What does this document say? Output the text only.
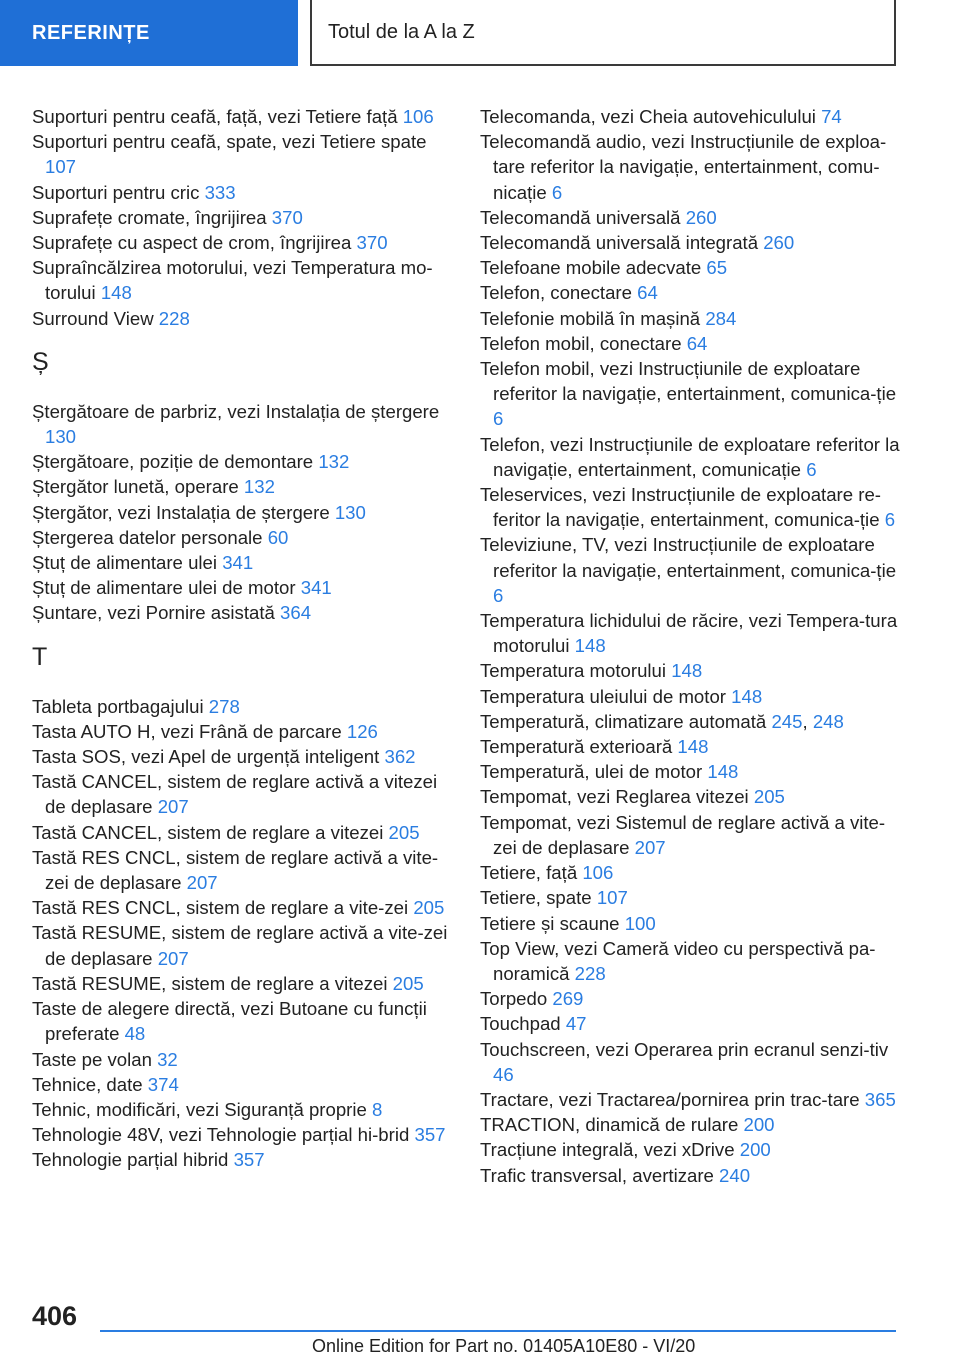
REFERINȚE	Totul de la A la Z
Suporturi pentru ceafă, față, vezi Tetiere față 106
Suporturi pentru ceafă, spate, vezi Tetiere spate 107
Suporturi pentru cric 333
Suprafețe cromate, îngrijirea 370
Suprafețe cu aspect de crom, îngrijirea 370
Supraîncălzirea motorului, vezi Temperatura mo‐torului 148
Surround View 228
Ș
Ștergătoare de parbriz, vezi Instalația de ștergere 130
Ștergătoare, poziție de demontare 132
Ștergător lunetă, operare 132
Ștergător, vezi Instalația de ștergere 130
Ștergerea datelor personale 60
Ștuț de alimentare ulei 341
Ștuț de alimentare ulei de motor 341
Șuntare, vezi Pornire asistată 364
T
Tableta portbagajului 278
Tasta AUTO H, vezi Frână de parcare 126
Tasta SOS, vezi Apel de urgență inteligent 362
Tastă CANCEL, sistem de reglare activă a vitezei de deplasare 207
Tastă CANCEL, sistem de reglare a vitezei 205
Tastă RES CNCL, sistem de reglare activă a vite‐zei de deplasare 207
Tastă RES CNCL, sistem de reglare a vite‐zei 205
Tastă RESUME, sistem de reglare activă a vite‐zei de deplasare 207
Tastă RESUME, sistem de reglare a vitezei 205
Taste de alegere directă, vezi Butoane cu funcții preferate 48
Taste pe volan 32
Tehnice, date 374
Tehnic, modificări, vezi Siguranță proprie 8
Tehnologie 48V, vezi Tehnologie parțial hi‐brid 357
Tehnologie parțial hibrid 357
Telecomanda, vezi Cheia autovehiculului 74
Telecomandă audio, vezi Instrucțiunile de exploa‐tare referitor la navigație, entertainment, comu‐nicație 6
Telecomandă universală 260
Telecomandă universală integrată 260
Telefoane mobile adecvate 65
Telefon, conectare 64
Telefonie mobilă în mașină 284
Telefon mobil, conectare 64
Telefon mobil, vezi Instrucțiunile de exploatare referitor la navigație, entertainment, comunica‐ție 6
Telefon, vezi Instrucțiunile de exploatare referitor la navigație, entertainment, comunicație 6
Teleservices, vezi Instrucțiunile de exploatare re‐feritor la navigație, entertainment, comunica‐ție 6
Televiziune, TV, vezi Instrucțiunile de exploatare referitor la navigație, entertainment, comunica‐ție 6
Temperatura lichidului de răcire, vezi Tempera‐tura motorului 148
Temperatura motorului 148
Temperatura uleiului de motor 148
Temperatură, climatizare automată 245, 248
Temperatură exterioară 148
Temperatură, ulei de motor 148
Tempomat, vezi Reglarea vitezei 205
Tempomat, vezi Sistemul de reglare activă a vite‐zei de deplasare 207
Tetiere, față 106
Tetiere, spate 107
Tetiere și scaune 100
Top View, vezi Cameră video cu perspectivă pa‐noramică 228
Torpedo 269
Touchpad 47
Touchscreen, vezi Operarea prin ecranul senzi‐tiv 46
Tractare, vezi Tractarea/pornirea prin trac‐tare 365
TRACTION, dinamică de rulare 200
Tracțiune integrală, vezi xDrive 200
Trafic transversal, avertizare 240
406
Online Edition for Part no. 01405A10E80 - VI/20
